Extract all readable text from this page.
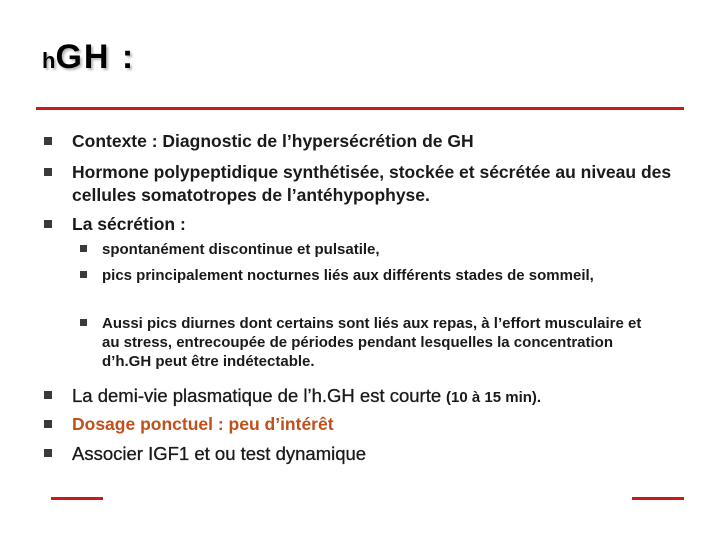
hGH :
Contexte : Diagnostic de l’hypersécrétion de GH
Hormone polypeptidique synthétisée, stockée et sécrétée au niveau des cellules somatotropes de l’antéhypophyse.
La sécrétion :
spontanément discontinue et pulsatile,
pics principalement nocturnes liés aux différents stades de sommeil,
Aussi pics diurnes dont certains sont liés aux repas, à l’effort musculaire et au stress, entrecoupée de périodes pendant lesquelles la concentration d’h.GH peut être indétectable.
La demi-vie plasmatique de l’h.GH est courte (10 à 15 min).
Dosage ponctuel : peu d’intérêt
Associer IGF1 et ou test dynamique
